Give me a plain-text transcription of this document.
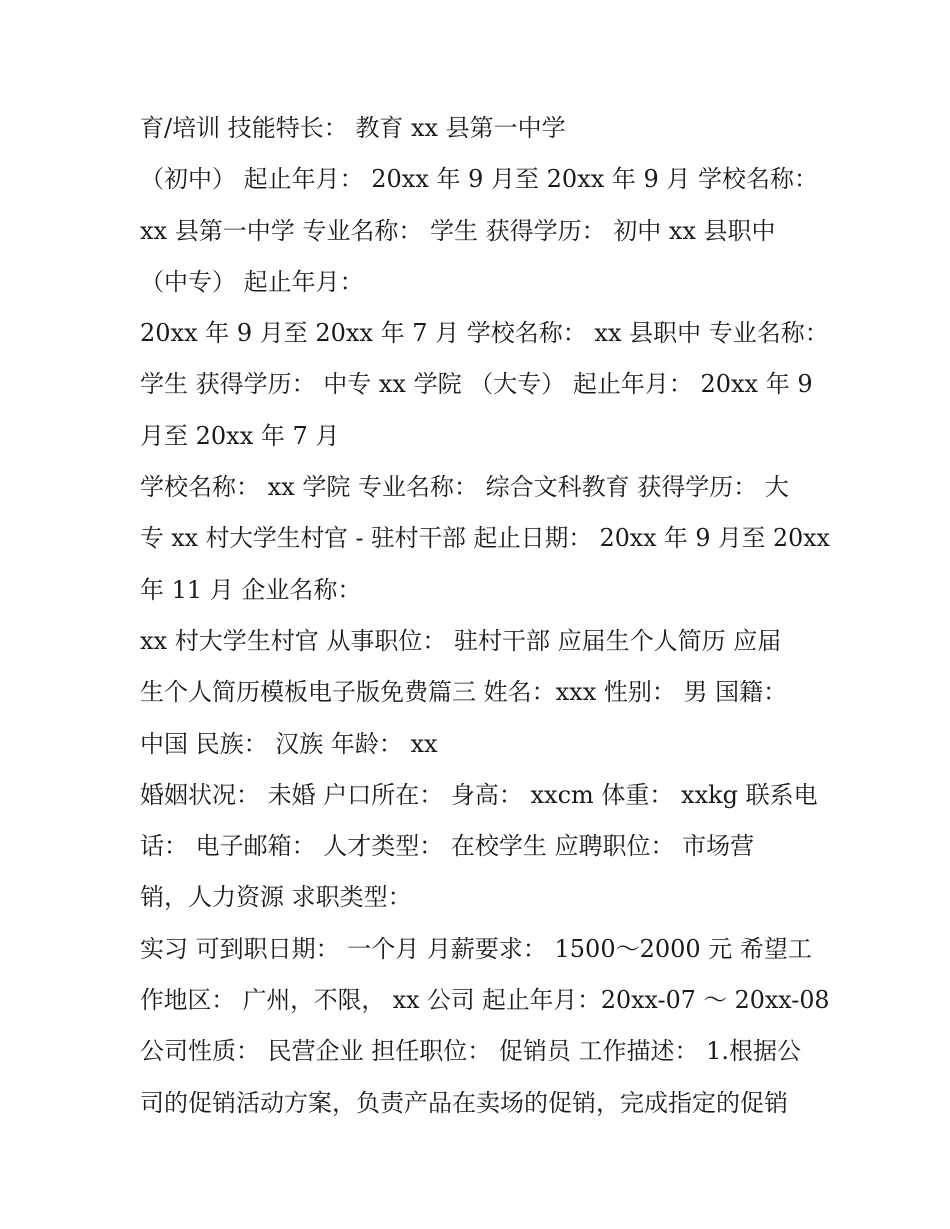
育/培训 技能特长： 教育 xx 县第一中学
（初中） 起止年月： 20xx 年 9 月至 20xx 年 9 月 学校名称：
xx 县第一中学 专业名称： 学生 获得学历： 初中 xx 县职中
（中专） 起止年月：
20xx 年 9 月至 20xx 年 7 月 学校名称： xx 县职中 专业名称：
学生 获得学历： 中专 xx 学院 （大专） 起止年月： 20xx 年 9
月至 20xx 年 7 月
学校名称： xx 学院 专业名称： 综合文科教育 获得学历： 大
专 xx 村大学生村官 - 驻村干部 起止日期： 20xx 年 9 月至 20xx
年 11 月 企业名称：
xx 村大学生村官 从事职位： 驻村干部 应届生个人简历 应届
生个人简历模板电子版免费篇三 姓名：xxx 性别： 男 国籍：
中国 民族： 汉族 年龄： xx
婚姻状况： 未婚 户口所在： 身高： xxcm 体重： xxkg 联系电
话： 电子邮箱： 人才类型： 在校学生 应聘职位： 市场营
销，人力资源 求职类型：
实习 可到职日期： 一个月 月薪要求： 1500～2000 元 希望工
作地区： 广州，不限， xx 公司 起止年月：20xx-07 ～ 20xx-08
公司性质： 民营企业 担任职位： 促销员 工作描述： 1.根据公
司的促销活动方案，负责产品在卖场的促销，完成指定的促销
